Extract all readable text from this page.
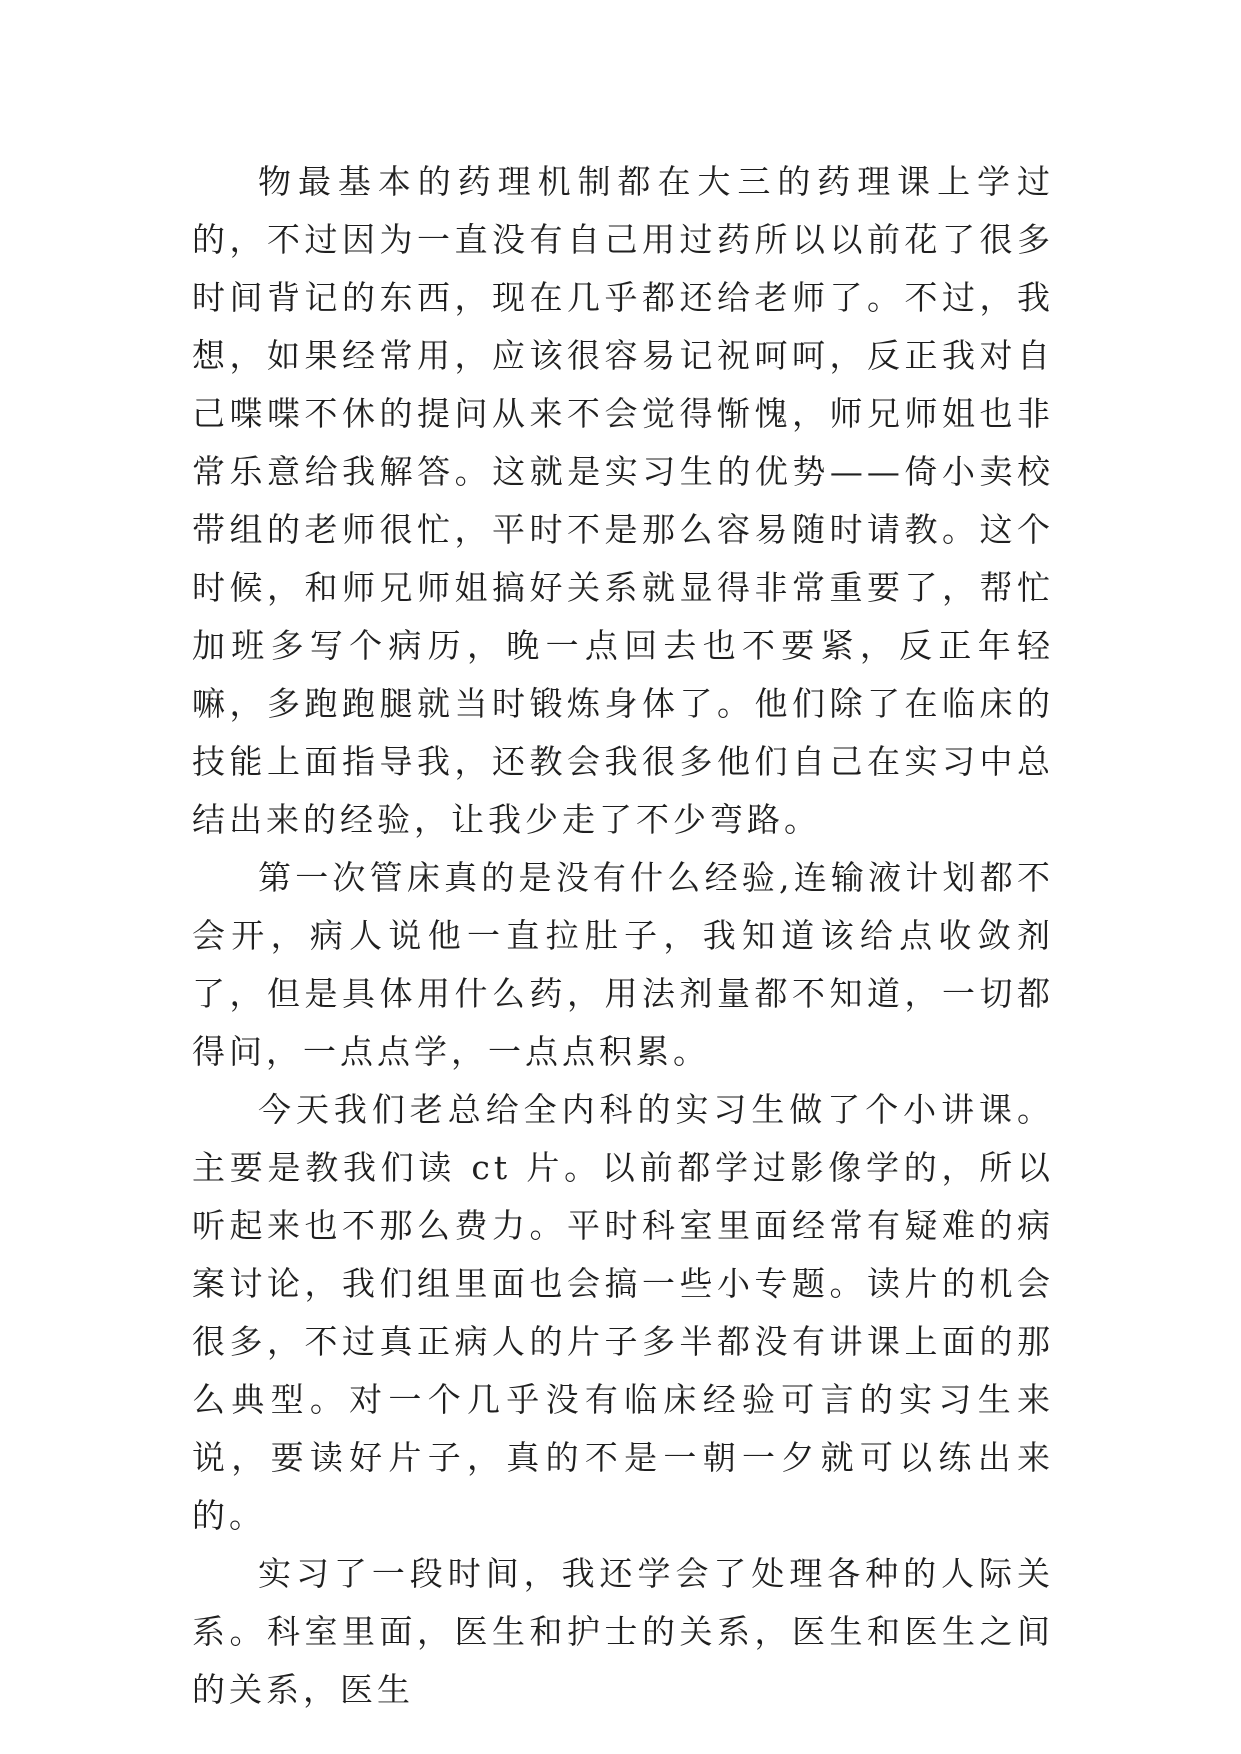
物最基本的药理机制都在大三的药理课上学过的，不过因为一直没有自己用过药所以以前花了很多时间背记的东西，现在几乎都还给老师了。不过，我想，如果经常用，应该很容易记祝呵呵，反正我对自己喋喋不休的提问从来不会觉得惭愧，师兄师姐也非常乐意给我解答。这就是实习生的优势——倚小卖校带组的老师很忙，平时不是那么容易随时请教。这个时候，和师兄师姐搞好关系就显得非常重要了，帮忙加班多写个病历，晚一点回去也不要紧，反正年轻嘛，多跑跑腿就当时锻炼身体了。他们除了在临床的技能上面指导我，还教会我很多他们自己在实习中总结出来的经验，让我少走了不少弯路。

第一次管床真的是没有什么经验,连输液计划都不会开，病人说他一直拉肚子，我知道该给点收敛剂了，但是具体用什么药，用法剂量都不知道，一切都得问，一点点学，一点点积累。

今天我们老总给全内科的实习生做了个小讲课。主要是教我们读 ct 片。以前都学过影像学的，所以听起来也不那么费力。平时科室里面经常有疑难的病案讨论，我们组里面也会搞一些小专题。读片的机会很多，不过真正病人的片子多半都没有讲课上面的那么典型。对一个几乎没有临床经验可言的实习生来说，要读好片子，真的不是一朝一夕就可以练出来的。

实习了一段时间，我还学会了处理各种的人际关系。科室里面，医生和护士的关系，医生和医生之间的关系，医生
